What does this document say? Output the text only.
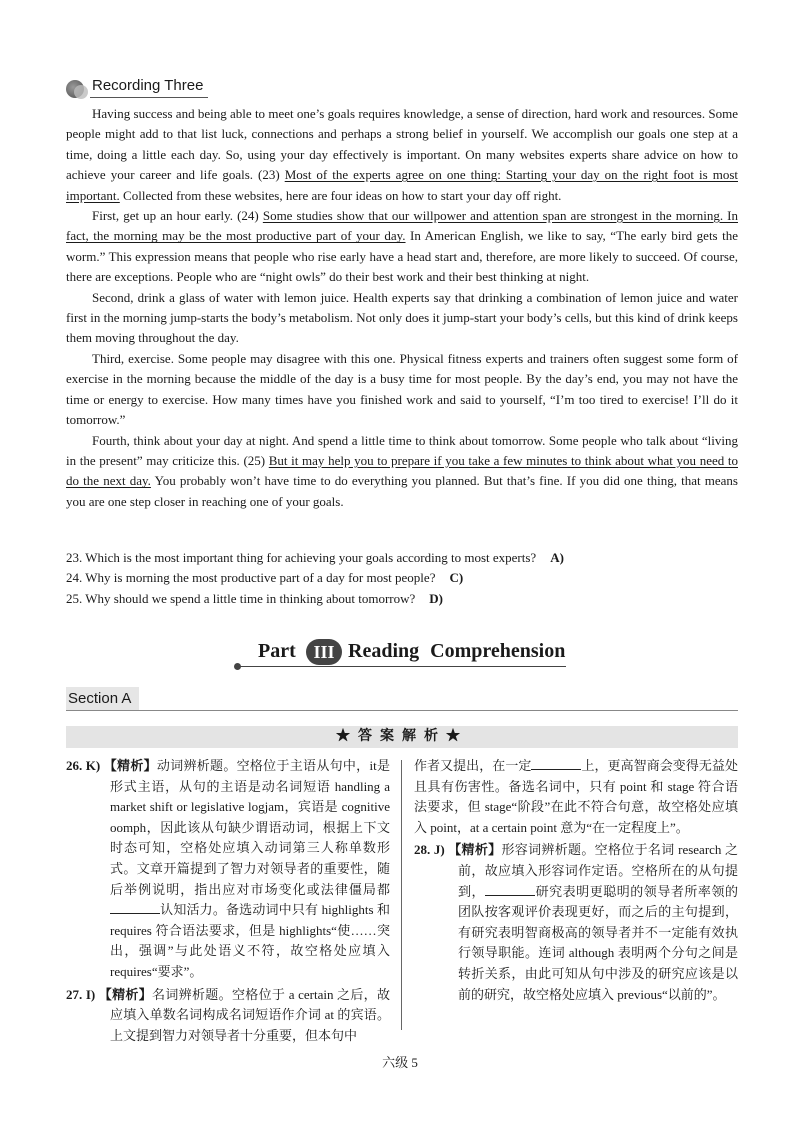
Recording Three

Having success and being able to meet one’s goals requires knowledge, a sense of direction, hard work and resources. Some people might add to that list luck, connections and perhaps a strong belief in yourself. We accomplish our goals one step at a time, doing a little each day. So, using your day effectively is important. On many websites experts share advice on how to achieve your career and life goals. (23) Most of the experts agree on one thing: Starting your day on the right foot is most important. Collected from these websites, here are four ideas on how to start your day off right.

First, get up an hour early. (24) Some studies show that our willpower and attention span are strongest in the morning. In fact, the morning may be the most productive part of your day. In American English, we like to say, “The early bird gets the worm.” This expression means that people who rise early have a head start and, therefore, are more likely to succeed. Of course, there are exceptions. People who are “night owls” do their best work and their best thinking at night.

Second, drink a glass of water with lemon juice. Health experts say that drinking a combination of lemon juice and water first in the morning jump-starts the body’s metabolism. Not only does it jump-start your body’s cells, but this kind of drink keeps them moving throughout the day.

Third, exercise. Some people may disagree with this one. Physical fitness experts and trainers often suggest some form of exercise in the morning because the middle of the day is a busy time for most people. By the day’s end, you may not have the time or energy to exercise. How many times have you finished work and said to yourself, “I’m too tired to exercise! I’ll do it tomorrow.”

Fourth, think about your day at night. And spend a little time to think about tomorrow. Some people who talk about “living in the present” may criticize this. (25) But it may help you to prepare if you take a few minutes to think about what you need to do the next day. You probably won’t have time to do everything you planned. But that’s fine. If you did one thing, that means you are one step closer in reaching one of your goals.

23. Which is the most important thing for achieving your goals according to most experts? A)
24. Why is morning the most productive part of a day for most people? C)
25. Why should we spend a little time in thinking about tomorrow? D)
Part III Reading Comprehension
Section A
★答案解析★
26. K) 【精析】动词辨析题。空格位于主语从句中，it是形式主语，从句的主语是动名词短语 handling a market shift or legislative logjam，宾语是 cognitive oomph，因此该从句缺少谓语动词，根据上下文时态可知，空格处应填入动词第三人称单数形式。文章开篇提到了智力对领导者的重要性，随后举例说明，指出应对市场变化或法律僵局都认知活力。备选动词中只有 highlights 和 requires 符合语法要求，但是 highlights“使……突出，强调”与此处语义不符，故空格处应填入 requires“要求”。
27. I) 【精析】名词辨析题。空格位于 a certain 之后，故应填入单数名词构成名词短语作介词 at 的宾语。上文提到智力对领导者十分重要，但本句中
作者又提出，在一定	上，更高智商会变得无益处且具有伤害性。备选名词中，只有 point 和 stage 符合语法要求，但 stage“阶段”在此不符合句意，故空格处应填入 point，at a certain point 意为“在一定程度上”。
28. J) 【精析】形容词辨析题。空格位于名词 research 之前，故应填入形容词作定语。空格所在的从句提到，	研究表明更聪明的领导者所率领的团队按客观评价表现更好，而之后的主句提到，有研究表明智商极高的领导者并不一定能有效执行领导职能。连词 although 表明两个分句之间是转折关系，由此可知从句中涉及的研究应该是以前的研究，故空格处应填入 previous“以前的”。
六级 5
